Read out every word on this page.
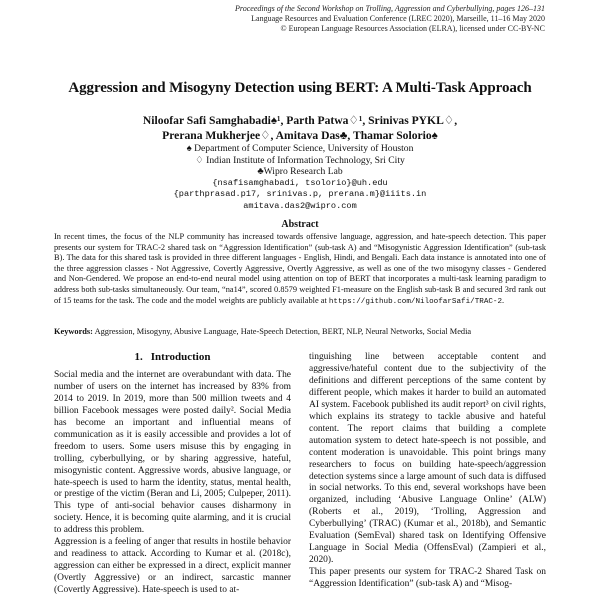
Proceedings of the Second Workshop on Trolling, Aggression and Cyberbullying, pages 126–131
Language Resources and Evaluation Conference (LREC 2020), Marseille, 11–16 May 2020
© European Language Resources Association (ELRA), licensed under CC-BY-NC
Aggression and Misogyny Detection using BERT: A Multi-Task Approach
Niloofar Safi Samghabadi♠¹, Parth Patwa♢¹, Srinivas PYKL♢,
Prerana Mukherjee♢, Amitava Das♣, Thamar Solorio♠
♠ Department of Computer Science, University of Houston
♢ Indian Institute of Information Technology, Sri City
♣Wipro Research Lab
{nsafisamghabadi, tsolorio}@uh.edu
{parthprasad.p17, srinivas.p, prerana.m}@iiits.in
amitava.das2@wipro.com
Abstract
In recent times, the focus of the NLP community has increased towards offensive language, aggression, and hate-speech detection. This paper presents our system for TRAC-2 shared task on “Aggression Identification” (sub-task A) and “Misogynistic Aggression Identification” (sub-task B). The data for this shared task is provided in three different languages - English, Hindi, and Bengali. Each data instance is annotated into one of the three aggression classes - Not Aggressive, Covertly Aggressive, Overtly Aggressive, as well as one of the two misogyny classes - Gendered and Non-Gendered. We propose an end-to-end neural model using attention on top of BERT that incorporates a multi-task learning paradigm to address both sub-tasks simultaneously. Our team, “na14”, scored 0.8579 weighted F1-measure on the English sub-task B and secured 3rd rank out of 15 teams for the task. The code and the model weights are publicly available at https://github.com/NiloofarSafi/TRAC-2.
Keywords: Aggression, Misogyny, Abusive Language, Hate-Speech Detection, BERT, NLP, Neural Networks, Social Media
1. Introduction

Social media and the internet are overabundant with data. The number of users on the internet has increased by 83% from 2014 to 2019. In 2019, more than 500 million tweets and 4 billion Facebook messages were posted daily². Social Media has become an important and influential means of communication as it is easily accessible and provides a lot of freedom to users. Some users misuse this by engaging in trolling, cyberbullying, or by sharing aggressive, hateful, misogynistic content. Aggressive words, abusive language, or hate-speech is used to harm the identity, status, mental health, or prestige of the victim (Beran and Li, 2005; Culpeper, 2011). This type of anti-social behavior causes disharmony in society. Hence, it is becoming quite alarming, and it is crucial to address this problem.

Aggression is a feeling of anger that results in hostile behavior and readiness to attack. According to Kumar et al. (2018c), aggression can either be expressed in a direct, explicit manner (Overtly Aggressive) or an indirect, sarcastic manner (Covertly Aggressive). Hate-speech is used to at-

tinguishing line between acceptable content and aggressive/hateful content due to the subjectivity of the definitions and different perceptions of the same content by different people, which makes it harder to build an automated AI system. Facebook published its audit report³ on civil rights, which explains its strategy to tackle abusive and hateful content. The report claims that building a complete automation system to detect hate-speech is not possible, and content moderation is unavoidable. This point brings many researchers to focus on building hate-speech/aggression detection systems since a large amount of such data is diffused in social networks. To this end, several workshops have been organized, including ‘Abusive Language Online’ (ALW) (Roberts et al., 2019), ‘Trolling, Aggression and Cyberbullying’ (TRAC) (Kumar et al., 2018b), and Semantic Evaluation (SemEval) shared task on Identifying Offensive Language in Social Media (OffensEval) (Zampieri et al., 2020).

This paper presents our system for TRAC-2 Shared Task on “Aggression Identification” (sub-task A) and “Misog-
